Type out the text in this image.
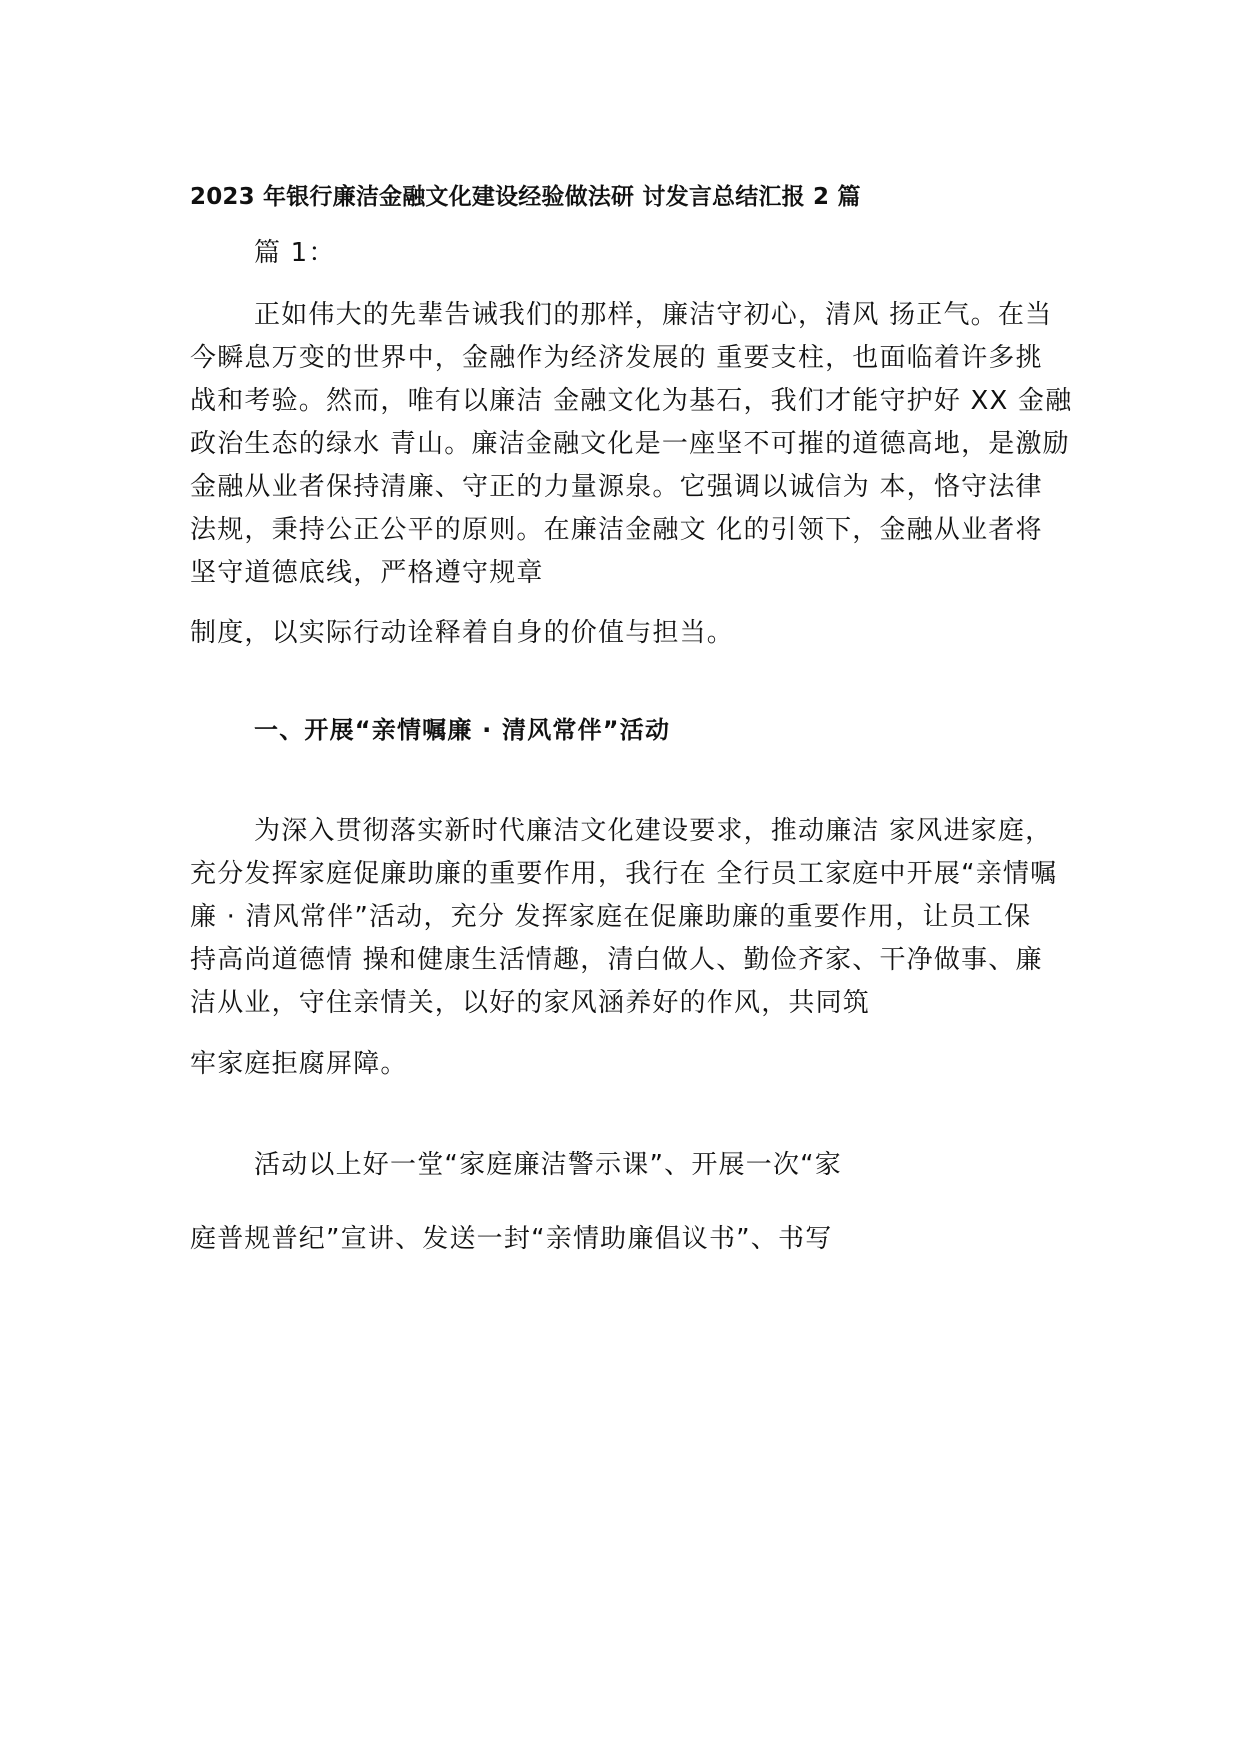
2023 年银行廉洁金融文化建设经验做法研 讨发言总结汇报 2 篇
篇 1：
正如伟大的先辈告诫我们的那样，廉洁守初心，清风 扬正气。在当
今瞬息万变的世界中，金融作为经济发展的 重要支柱，也面临着许多挑
战和考验。然而，唯有以廉洁 金融文化为基石，我们才能守护好 XX 金融
政治生态的绿水 青山。廉洁金融文化是一座坚不可摧的道德高地，是激励
金融从业者保持清廉、守正的力量源泉。它强调以诚信为 本，恪守法律
法规，秉持公正公平的原则。在廉洁金融文 化的引领下，金融从业者将
坚守道德底线，严格遵守规章
制度，以实际行动诠释着自身的价值与担当。
一、开展“亲情嘱廉 · 清风常伴”活动
为深入贯彻落实新时代廉洁文化建设要求，推动廉洁 家风进家庭，
充分发挥家庭促廉助廉的重要作用，我行在 全行员工家庭中开展“亲情嘱
廉 · 清风常伴”活动，充分 发挥家庭在促廉助廉的重要作用，让员工保
持高尚道德情 操和健康生活情趣，清白做人、勤俭齐家、干净做事、廉
洁从业，守住亲情关，以好的家风涵养好的作风，共同筑
牢家庭拒腐屏障。
活动以上好一堂“家庭廉洁警示课”、开展一次“家
庭普规普纪”宣讲、发送一封“亲情助廉倡议书”、书写
